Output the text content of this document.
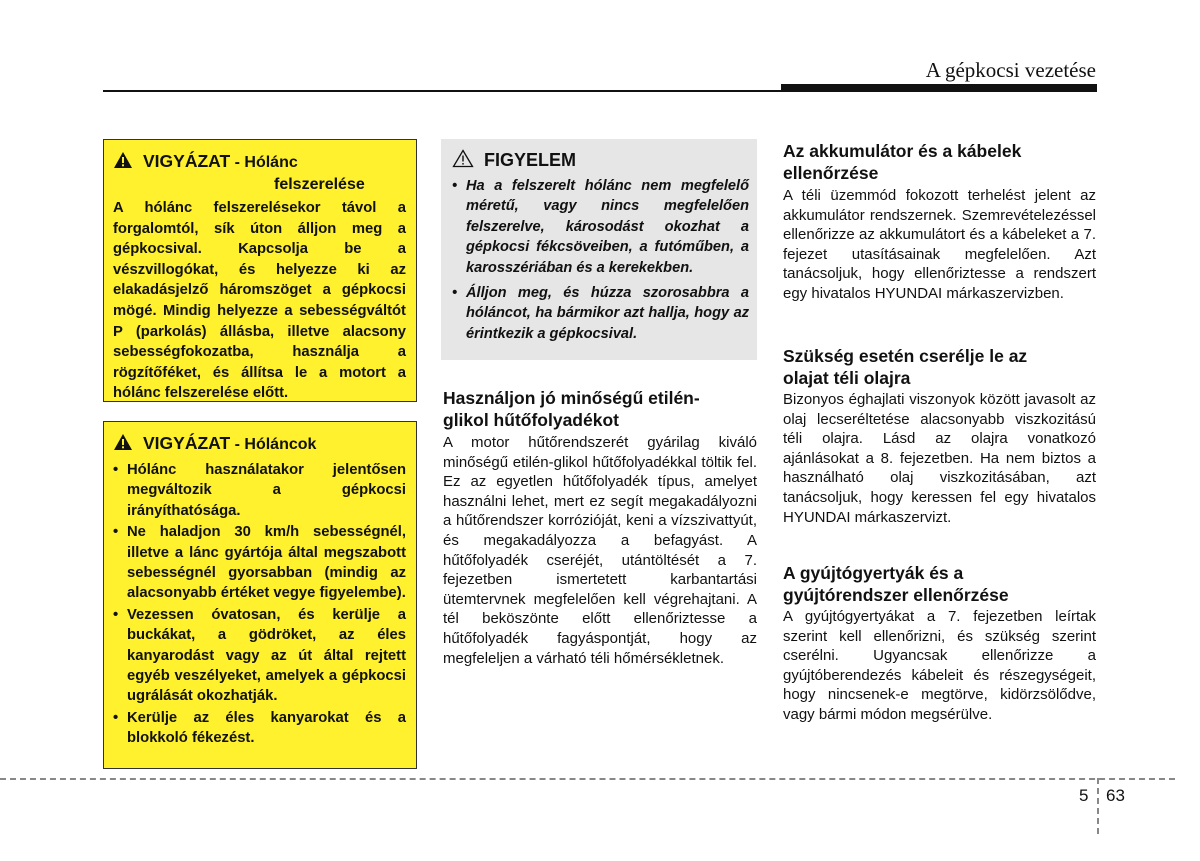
A gépkocsi vezetése
VIGYÁZAT - Hólánc
felszerelése

A hólánc felszerelésekor távol a forgalomtól, sík úton álljon meg a gépkocsival. Kapcsolja be a vészvillogókat, és helyezze ki az elakadásjelző háromszöget a gépkocsi mögé. Mindig helyezze a sebességváltót P (parkolás) állásba, illetve alacsony sebességfokozatba, használja a rögzítőféket, és állítsa le a motort a hólánc felszerelése előtt.

VIGYÁZAT - Hóláncok
• Hólánc használatakor jelentősen megváltozik a gépkocsi irányíthatósága.
• Ne haladjon 30 km/h sebességnél, illetve a lánc gyártója által megszabott sebességnél gyorsabban (mindig az alacsonyabb értéket vegye figyelembe).
• Vezessen óvatosan, és kerülje a buckákat, a gödröket, az éles kanyarodást vagy az út által rejtett egyéb veszélyeket, amelyek a gépkocsi ugrálását okozhatják.
• Kerülje az éles kanyarokat és a blokkoló fékezést.
FIGYELEM
• Ha a felszerelt hólánc nem megfelelő méretű, vagy nincs megfelelően felszerelve, károsodást okozhat a gépkocsi fékcsöveiben, a futóműben, a karosszériában és a kerekekben.
• Álljon meg, és húzza szorosabbra a hóláncot, ha bármikor azt hallja, hogy az érintkezik a gépkocsival.
Használjon jó minőségű etilén-
glikol hűtőfolyadékot

A motor hűtőrendszerét gyárilag kiváló minőségű etilén-glikol hűtőfolyadékkal töltik fel. Ez az egyetlen hűtőfolyadék típus, amelyet használni lehet, mert ez segít megakadályozni a hűtőrendszer korrózióját, keni a vízszivattyút, és megakadályozza a befagyást. A hűtőfolyadék cseréjét, utántöltését a 7. fejezetben ismertetett karbantartási ütemtervnek megfelelően kell végrehajtani. A tél beköszönte előtt ellenőriztesse a hűtőfolyadék fagyáspontját, hogy az megfeleljen a várható téli hőmérsékletnek.

Az akkumulátor és a kábelek
ellenőrzése

A téli üzemmód fokozott terhelést jelent az akkumulátor rendszernek. Szemrevételezéssel ellenőrizze az akkumulátort és a kábeleket a 7. fejezet utasításainak megfelelően. Azt tanácsoljuk, hogy ellenőriztesse a rendszert egy hivatalos HYUNDAI márkaszervizben.

Szükség esetén cserélje le az
olajat téli olajra

Bizonyos éghajlati viszonyok között javasolt az olaj lecseréltetése alacsonyabb viszkozitású téli olajra. Lásd az olajra vonatkozó ajánlásokat a 8. fejezetben. Ha nem biztos a használható olaj viszkozitásában, azt tanácsoljuk, hogy keressen fel egy hivatalos HYUNDAI márkaszervizt.

A gyújtógyertyák és a
gyújtórendszer ellenőrzése

A gyújtógyertyákat a 7. fejezetben leírtak szerint kell ellenőrizni, és szükség szerint cserélni. Ugyancsak ellenőrizze a gyújtóberendezés kábeleit és részegységeit, hogy nincsenek-e megtörve, kidörzsölődve, vagy bármi módon megsérülve.

5 63
